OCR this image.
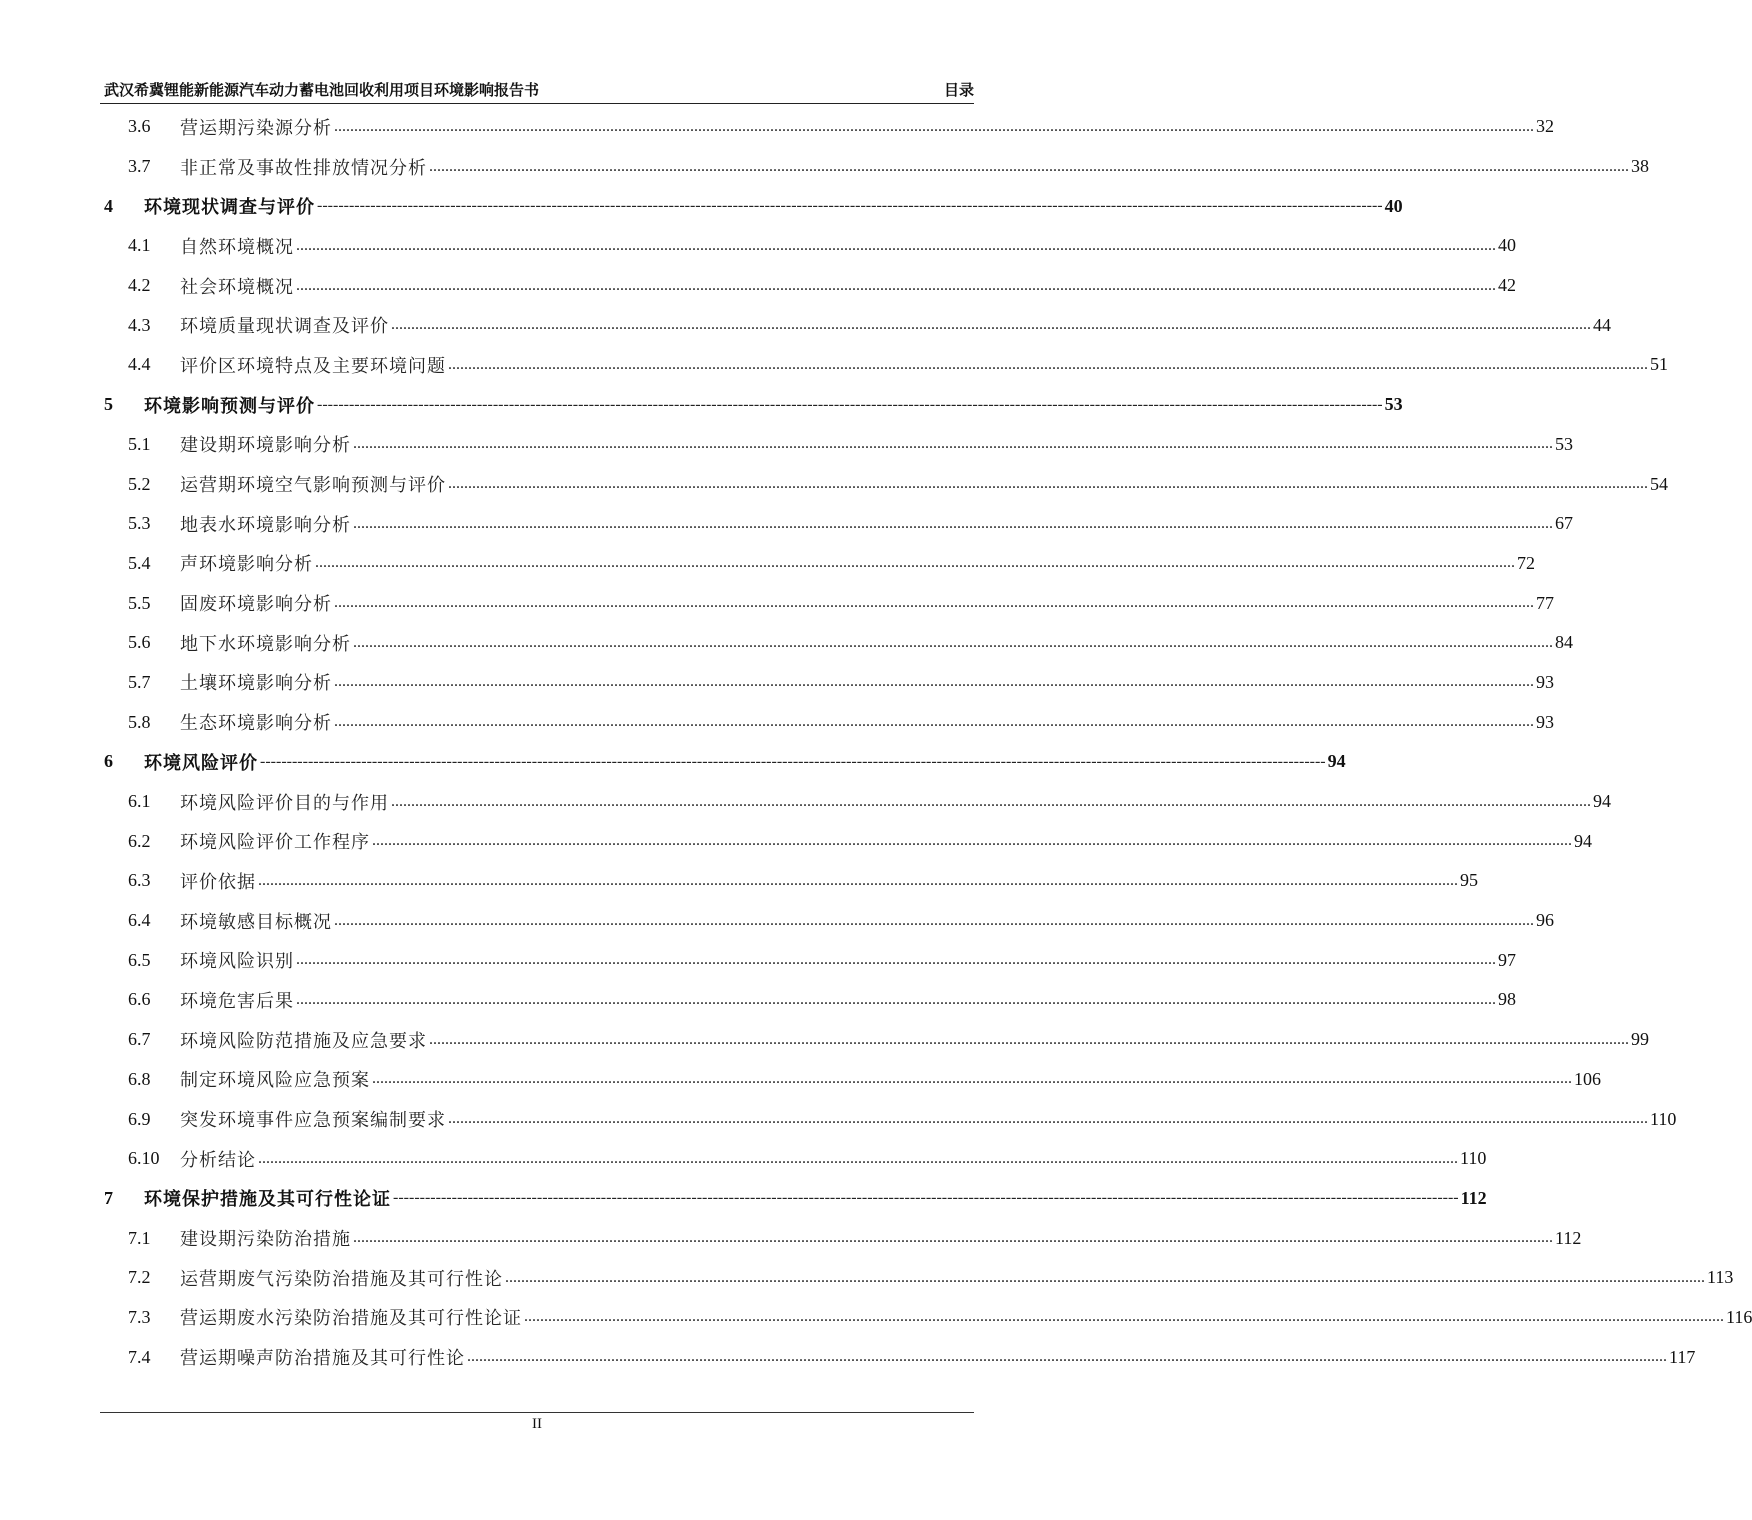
武汉希冀锂能新能源汽车动力蓄电池回收利用项目环境影响报告书	目录
3.6	营运期污染源分析 ............................................................................................................................................................................................................................................................................................................ 32
3.7	非正常及事故性排放情况分析 ............................................................................................................................................................................................................................................................................................................ 38
4	环境现状调查与评价 -------------------------------------------------------------------------------------------------------------------------------------------------------------------------------------------------------- 40
4.1	自然环境概况 ............................................................................................................................................................................................................................................................................................................ 40
4.2	社会环境概况 ............................................................................................................................................................................................................................................................................................................ 42
4.3	环境质量现状调查及评价 ............................................................................................................................................................................................................................................................................................................ 44
4.4	评价区环境特点及主要环境问题 ............................................................................................................................................................................................................................................................................................................ 51
5	环境影响预测与评价 -------------------------------------------------------------------------------------------------------------------------------------------------------------------------------------------------------- 53
5.1	建设期环境影响分析 ............................................................................................................................................................................................................................................................................................................ 53
5.2	运营期环境空气影响预测与评价 ............................................................................................................................................................................................................................................................................................................ 54
5.3	地表水环境影响分析 ............................................................................................................................................................................................................................................................................................................ 67
5.4	声环境影响分析 ............................................................................................................................................................................................................................................................................................................ 72
5.5	固废环境影响分析 ............................................................................................................................................................................................................................................................................................................ 77
5.6	地下水环境影响分析 ............................................................................................................................................................................................................................................................................................................ 84
5.7	土壤环境影响分析 ............................................................................................................................................................................................................................................................................................................ 93
5.8	生态环境影响分析 ............................................................................................................................................................................................................................................................................................................ 93
6	环境风险评价 -------------------------------------------------------------------------------------------------------------------------------------------------------------------------------------------------------- 94
6.1	环境风险评价目的与作用 ............................................................................................................................................................................................................................................................................................................ 94
6.2	环境风险评价工作程序 ............................................................................................................................................................................................................................................................................................................ 94
6.3	评价依据 ............................................................................................................................................................................................................................................................................................................ 95
6.4	环境敏感目标概况 ............................................................................................................................................................................................................................................................................................................ 96
6.5	环境风险识别 ............................................................................................................................................................................................................................................................................................................ 97
6.6	环境危害后果 ............................................................................................................................................................................................................................................................................................................ 98
6.7	环境风险防范措施及应急要求 ............................................................................................................................................................................................................................................................................................................ 99
6.8	制定环境风险应急预案 ............................................................................................................................................................................................................................................................................................................ 106
6.9	突发环境事件应急预案编制要求 ............................................................................................................................................................................................................................................................................................................ 110
6.10	分析结论 ............................................................................................................................................................................................................................................................................................................ 110
7	环境保护措施及其可行性论证 -------------------------------------------------------------------------------------------------------------------------------------------------------------------------------------------------------- 112
7.1	建设期污染防治措施 ............................................................................................................................................................................................................................................................................................................ 112
7.2	运营期废气污染防治措施及其可行性论 ............................................................................................................................................................................................................................................................................................................ 113
7.3	营运期废水污染防治措施及其可行性论证 ............................................................................................................................................................................................................................................................................................................ 116
7.4	营运期噪声防治措施及其可行性论 ............................................................................................................................................................................................................................................................................................................ 117
II
